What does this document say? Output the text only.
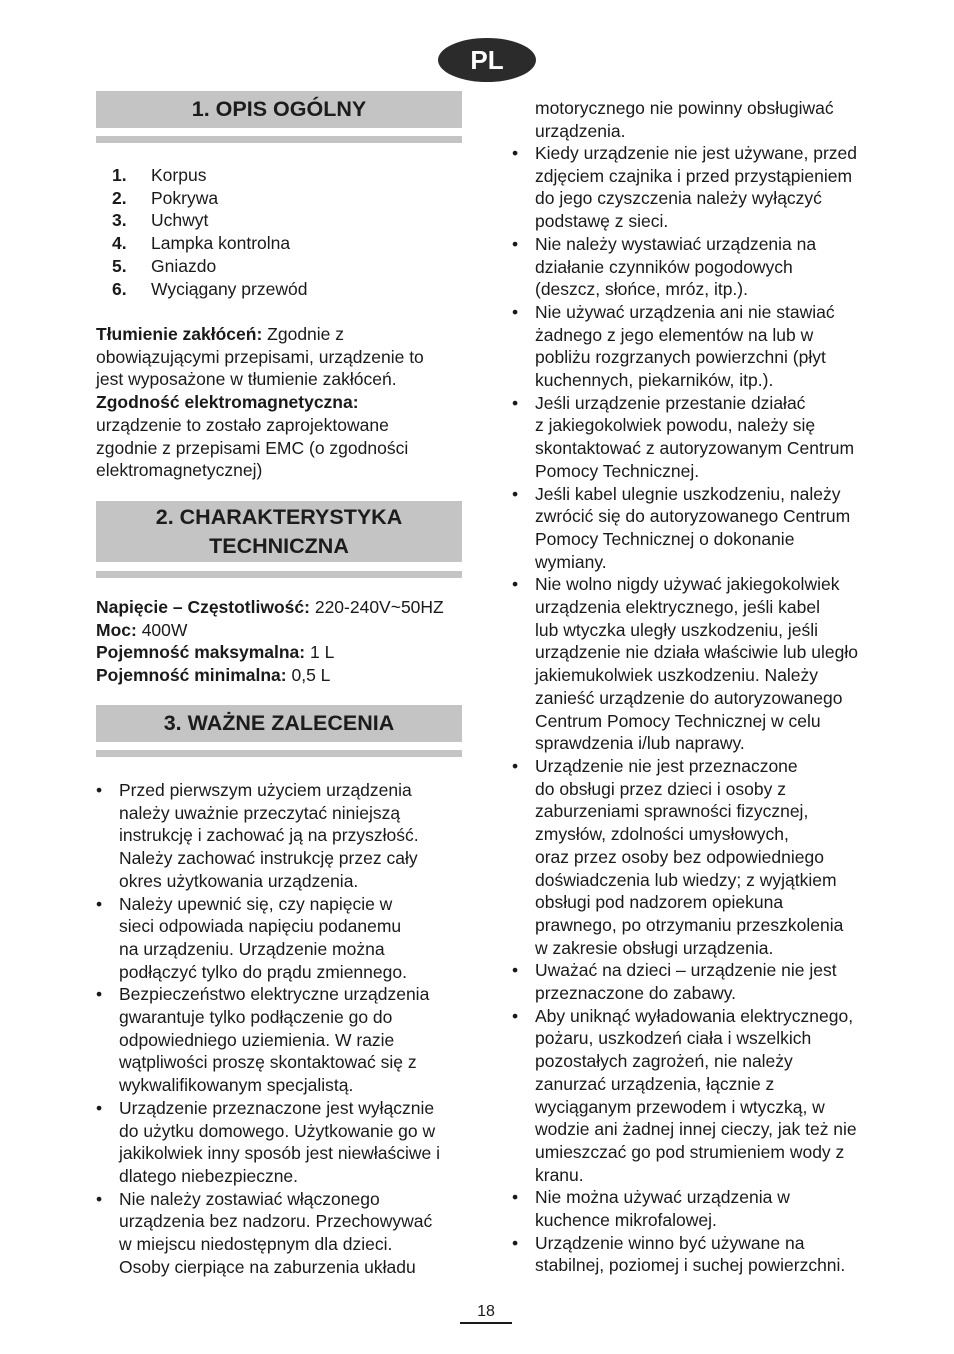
PL
1. OPIS OGÓLNY
1.	Korpus
2.	Pokrywa
3.	Uchwyt
4.	Lampka kontrolna
5.	Gniazdo
6.	Wyciągany przewód
Tłumienie zakłóceń: Zgodnie z
obowiązującymi przepisami, urządzenie to
jest wyposażone w tłumienie zakłóceń.
Zgodność elektromagnetyczna:
urządzenie to zostało zaprojektowane
zgodnie z przepisami EMC (o zgodności
elektromagnetycznej)
2. CHARAKTERYSTYKA
TECHNICZNA
Napięcie – Częstotliwość: 220-240V~50HZ
Moc: 400W
Pojemność maksymalna: 1 L
Pojemność minimalna: 0,5 L
3. WAŻNE ZALECENIA
• Przed pierwszym użyciem urządzenia
należy uważnie przeczytać niniejszą
instrukcję i zachować ją na przyszłość.
Należy zachować instrukcję przez cały
okres użytkowania urządzenia.
• Należy upewnić się, czy napięcie w
sieci odpowiada napięciu podanemu
na urządzeniu. Urządzenie można
podłączyć tylko do prądu zmiennego.
• Bezpieczeństwo elektryczne urządzenia
gwarantuje tylko podłączenie go do
odpowiedniego uziemienia. W razie
wątpliwości proszę skontaktować się z
wykwalifikowanym specjalistą.
• Urządzenie przeznaczone jest wyłącznie
do użytku domowego. Użytkowanie go w
jakikolwiek inny sposób jest niewłaściwe i
dlatego niebezpieczne.
• Nie należy zostawiać włączonego
urządzenia bez nadzoru. Przechowywać
w miejscu niedostępnym dla dzieci.
Osoby cierpiące na zaburzenia układu
motorycznego nie powinny obsługiwać
urządzenia.
• Kiedy urządzenie nie jest używane, przed
zdjęciem czajnika i przed przystąpieniem
do jego czyszczenia należy wyłączyć
podstawę z sieci.
• Nie należy wystawiać urządzenia na
działanie czynników pogodowych
(deszcz, słońce, mróz, itp.).
• Nie używać urządzenia ani nie stawiać
żadnego z jego elementów na lub w
pobliżu rozgrzanych powierzchni (płyt
kuchennych, piekarników, itp.).
• Jeśli urządzenie przestanie działać
z jakiegokolwiek powodu, należy się
skontaktować z autoryzowanym Centrum
Pomocy Technicznej.
• Jeśli kabel ulegnie uszkodzeniu, należy
zwrócić się do autoryzowanego Centrum
Pomocy Technicznej o dokonanie
wymiany.
• Nie wolno nigdy używać jakiegokolwiek
urządzenia elektrycznego, jeśli kabel
lub wtyczka uległy uszkodzeniu, jeśli
urządzenie nie działa właściwie lub uległo
jakiemukolwiek uszkodzeniu. Należy
zanieść urządzenie do autoryzowanego
Centrum Pomocy Technicznej w celu
sprawdzenia i/lub naprawy.
• Urządzenie nie jest przeznaczone
do obsługi przez dzieci i osoby z
zaburzeniami sprawności fizycznej,
zmysłów, zdolności umysłowych,
oraz przez osoby bez odpowiedniego
doświadczenia lub wiedzy; z wyjątkiem
obsługi pod nadzorem opiekuna
prawnego, po otrzymaniu przeszkolenia
w zakresie obsługi urządzenia.
• Uważać na dzieci – urządzenie nie jest
przeznaczone do zabawy.
• Aby uniknąć wyładowania elektrycznego,
pożaru, uszkodzeń ciała i wszelkich
pozostałych zagrożeń, nie należy
zanurzać urządzenia, łącznie z
wyciąganym przewodem i wtyczką, w
wodzie ani żadnej innej cieczy, jak też nie
umieszczać go pod strumieniem wody z
kranu.
• Nie można używać urządzenia w
kuchence mikrofalowej.
• Urządzenie winno być używane na
stabilnej, poziomej i suchej powierzchni.
18
